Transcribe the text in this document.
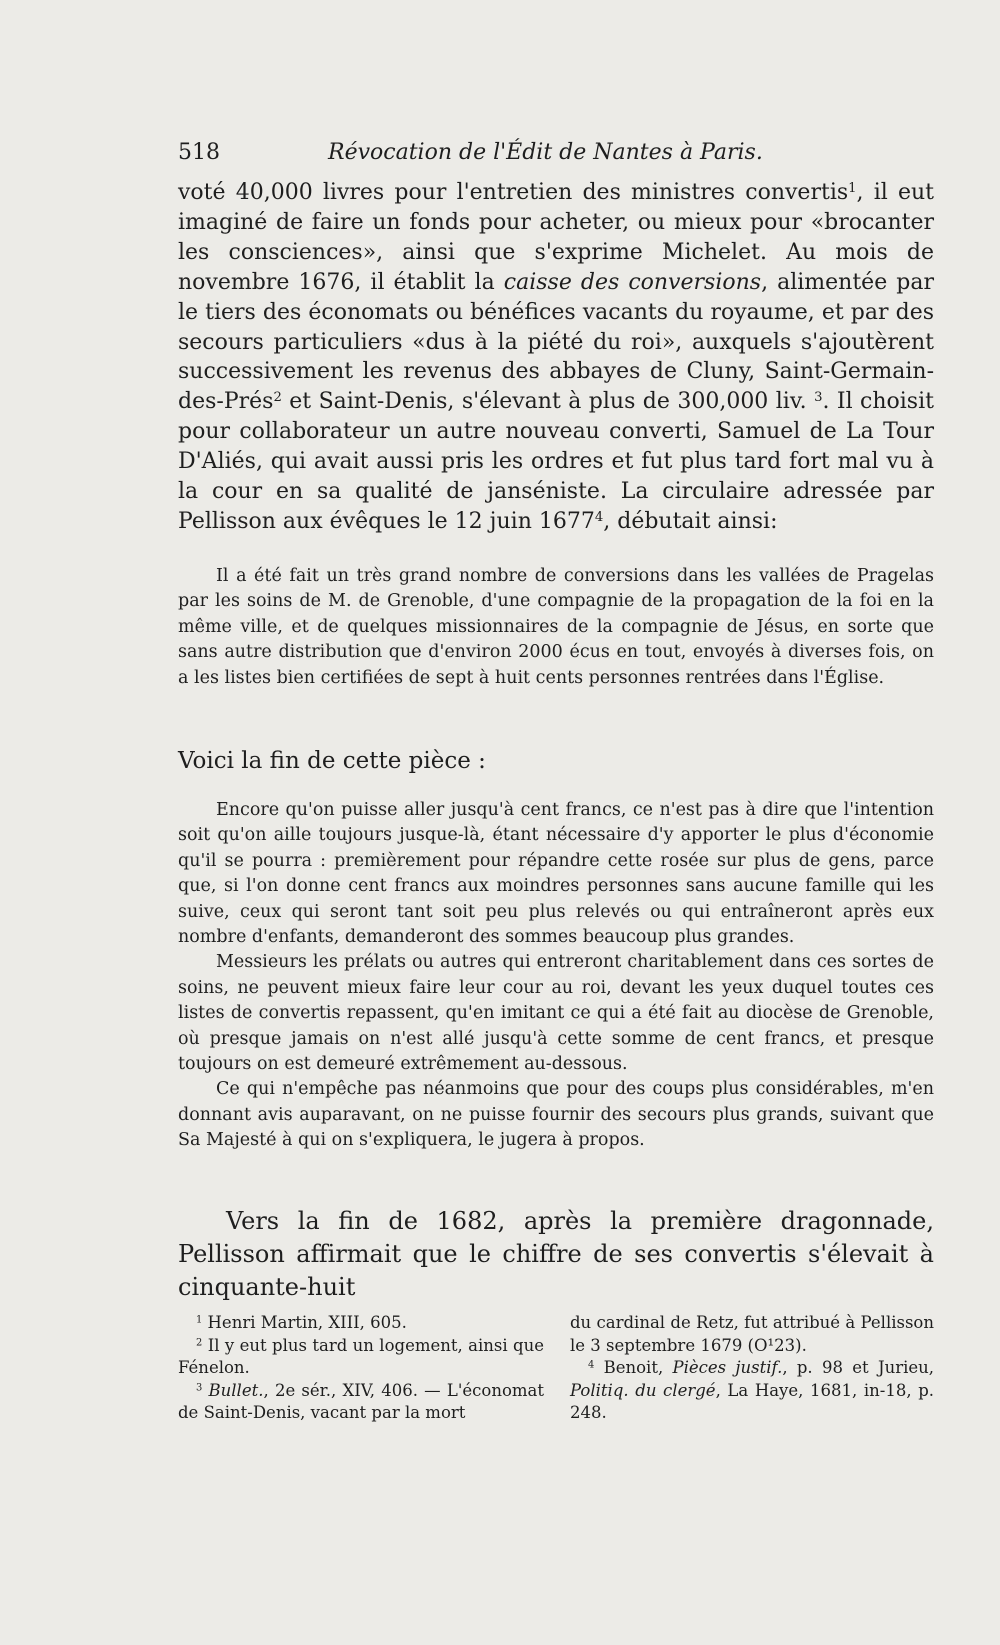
518	Révocation de l'Édit de Nantes à Paris.

voté 40,000 livres pour l'entretien des ministres convertis$^1$, il eut imaginé de faire un fonds pour acheter, ou mieux pour «brocanter les consciences», ainsi que s'exprime Michelet. Au mois de novembre 1676, il établit la caisse des conversions, alimentée par le tiers des économats ou bénéfices vacants du royaume, et par des secours particuliers «dus à la piété du roi», auxquels s'ajoutèrent successivement les revenus des abbayes de Cluny, Saint-Germain-des-Prés$^2$ et Saint-Denis, s'élevant à plus de 300,000 liv. $^3$. Il choisit pour collaborateur un autre nouveau converti, Samuel de La Tour D'Aliés, qui avait aussi pris les ordres et fut plus tard fort mal vu à la cour en sa qualité de janséniste. La circulaire adressée par Pellisson aux évêques le 12 juin 1677$^4$, débutait ainsi:

Il a été fait un très grand nombre de conversions dans les vallées de Pragelas par les soins de M. de Grenoble, d'une compagnie de la propagation de la foi en la même ville, et de quelques missionnaires de la compagnie de Jésus, en sorte que sans autre distribution que d'environ 2000 écus en tout, envoyés à diverses fois, on a les listes bien certifiées de sept à huit cents personnes rentrées dans l'Église.

Voici la fin de cette pièce :

Encore qu'on puisse aller jusqu'à cent francs, ce n'est pas à dire que l'intention soit qu'on aille toujours jusque-là, étant nécessaire d'y apporter le plus d'économie qu'il se pourra : premièrement pour répandre cette rosée sur plus de gens, parce que, si l'on donne cent francs aux moindres personnes sans aucune famille qui les suive, ceux qui seront tant soit peu plus relevés ou qui entraîneront après eux nombre d'enfants, demanderont des sommes beaucoup plus grandes.

Messieurs les prélats ou autres qui entreront charitablement dans ces sortes de soins, ne peuvent mieux faire leur cour au roi, devant les yeux duquel toutes ces listes de convertis repassent, qu'en imitant ce qui a été fait au diocèse de Grenoble, où presque jamais on n'est allé jusqu'à cette somme de cent francs, et presque toujours on est demeuré extrêmement au-dessous.

Ce qui n'empêche pas néanmoins que pour des coups plus considérables, m'en donnant avis auparavant, on ne puisse fournir des secours plus grands, suivant que Sa Majesté à qui on s'expliquera, le jugera à propos.

Vers la fin de 1682, après la première dragonnade, Pellisson affirmait que le chiffre de ses convertis s'élevait à cinquante-huit

$^1$ Henri Martin, XIII, 605.

$^2$ Il y eut plus tard un logement, ainsi que Fénelon.

$^3$ Bullet., 2e sér., XIV, 406. — L'économat de Saint-Denis, vacant par la mort

du cardinal de Retz, fut attribué à Pellisson le 3 septembre 1679 (O¹23).

$^4$ Benoit, Pièces justif., p. 98 et Jurieu, Politiq. du clergé, La Haye, 1681, in-18, p. 248.
